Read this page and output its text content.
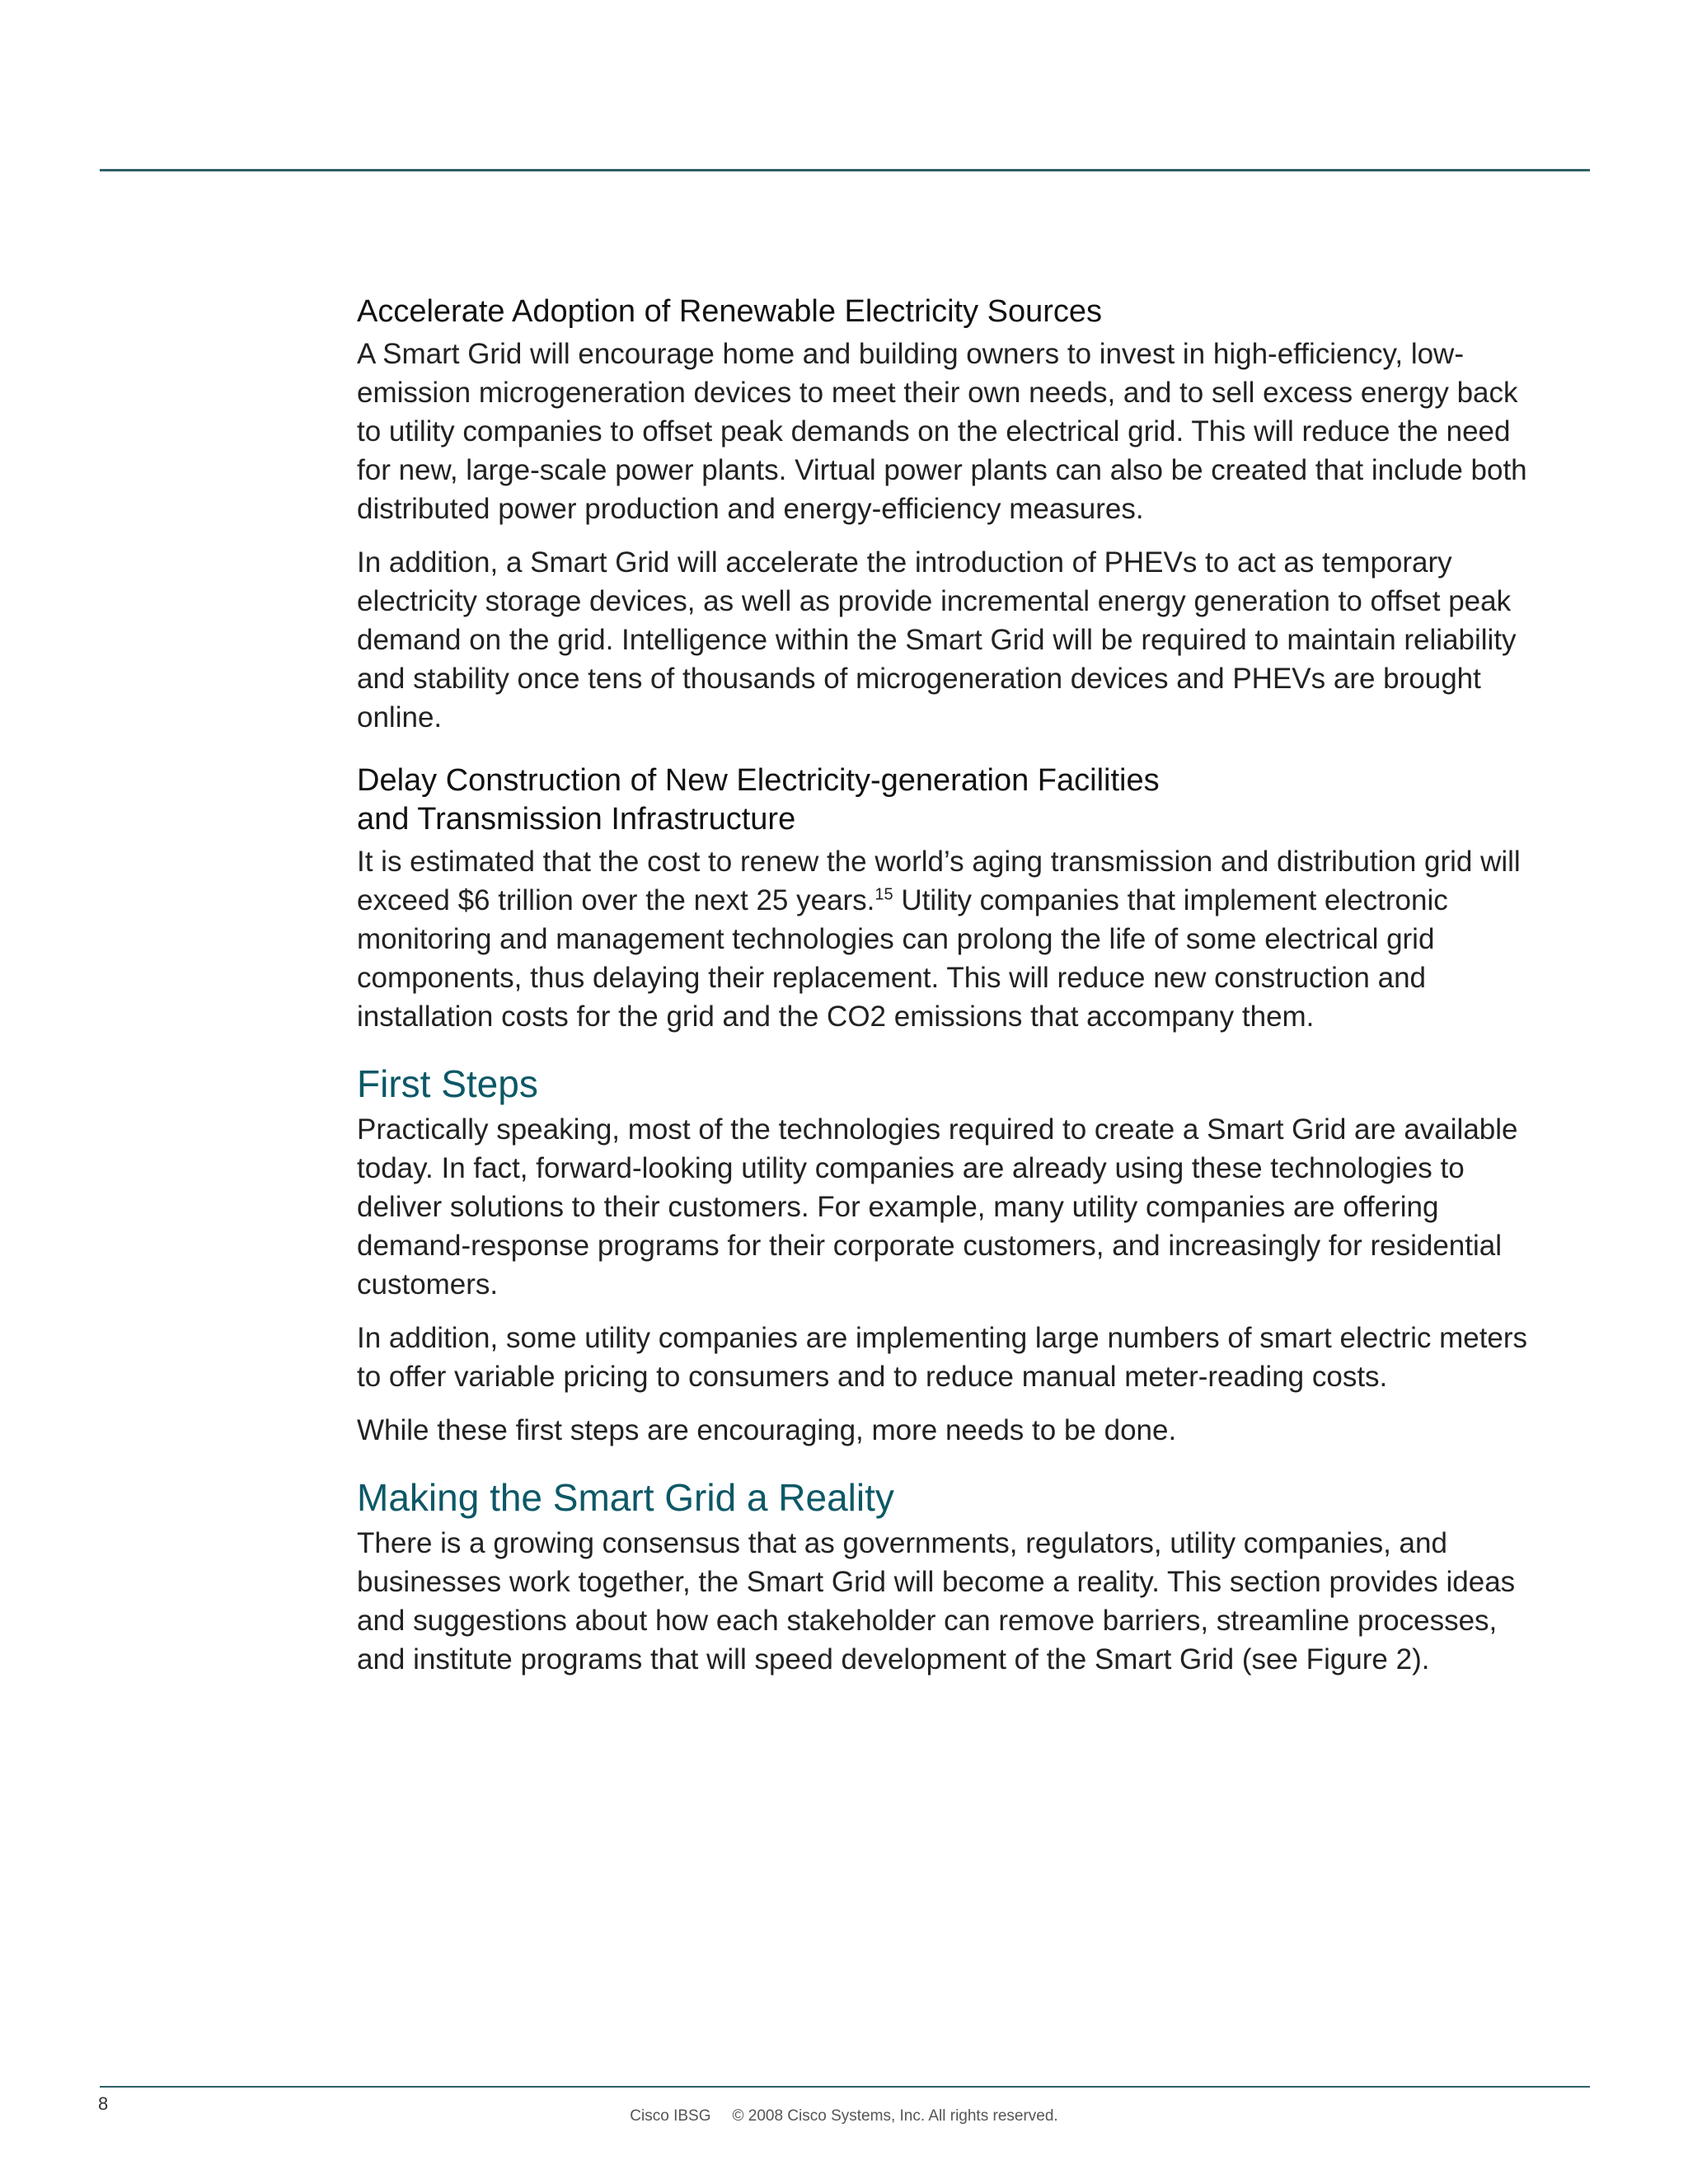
Accelerate Adoption of Renewable Electricity Sources

A Smart Grid will encourage home and building owners to invest in high-efficiency, low-emission microgeneration devices to meet their own needs, and to sell excess energy back to utility companies to offset peak demands on the electrical grid. This will reduce the need for new, large-scale power plants. Virtual power plants can also be created that include both distributed power production and energy-efficiency measures.

In addition, a Smart Grid will accelerate the introduction of PHEVs to act as temporary electricity storage devices, as well as provide incremental energy generation to offset peak demand on the grid. Intelligence within the Smart Grid will be required to maintain reliability and stability once tens of thousands of microgeneration devices and PHEVs are brought online.

Delay Construction of New Electricity-generation Facilities
and Transmission Infrastructure

It is estimated that the cost to renew the world’s aging transmission and distribution grid will exceed $6 trillion over the next 25 years.$^{15}$ Utility companies that implement electronic monitoring and management technologies can prolong the life of some electrical grid components, thus delaying their replacement. This will reduce new construction and installation costs for the grid and the CO2 emissions that accompany them.

First Steps

Practically speaking, most of the technologies required to create a Smart Grid are available today. In fact, forward-looking utility companies are already using these technologies to deliver solutions to their customers. For example, many utility companies are offering demand-response programs for their corporate customers, and increasingly for residential customers.

In addition, some utility companies are implementing large numbers of smart electric meters to offer variable pricing to consumers and to reduce manual meter-reading costs.

While these first steps are encouraging, more needs to be done.

Making the Smart Grid a Reality

There is a growing consensus that as governments, regulators, utility companies, and businesses work together, the Smart Grid will become a reality. This section provides ideas and suggestions about how each stakeholder can remove barriers, streamline processes, and institute programs that will speed development of the Smart Grid (see Figure 2).

8
Cisco IBSG © 2008 Cisco Systems, Inc. All rights reserved.
